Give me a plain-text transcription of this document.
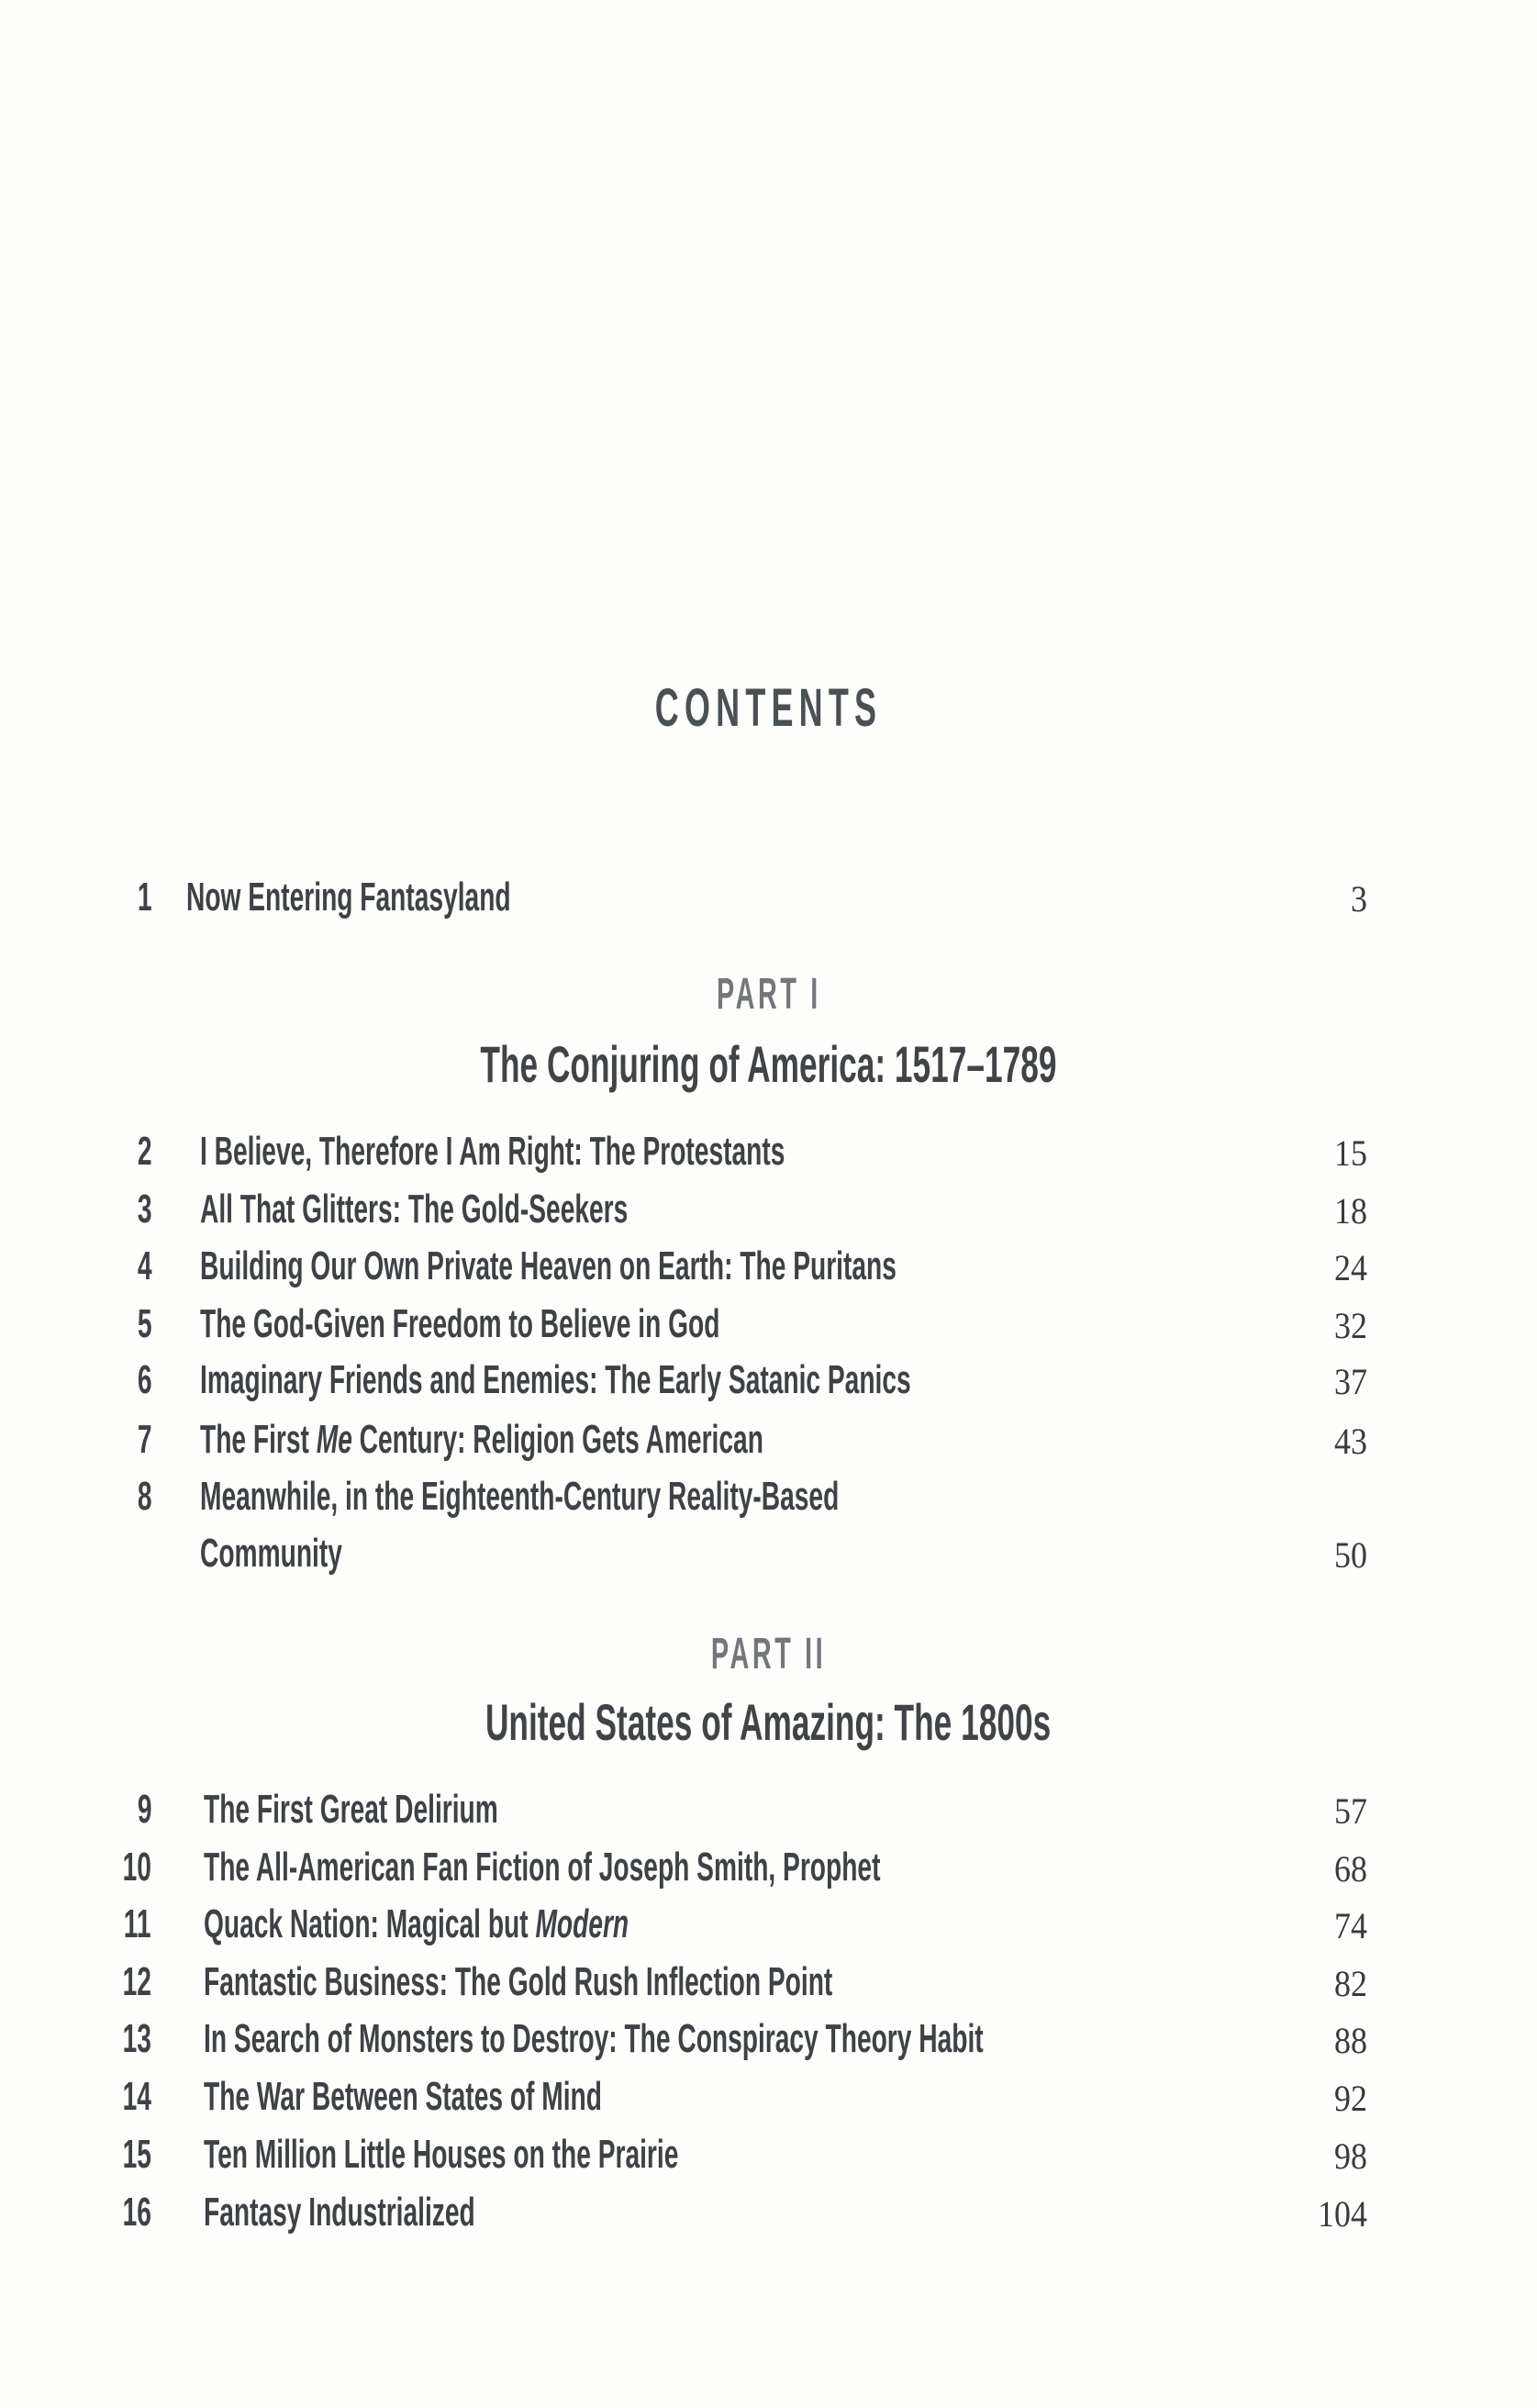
CONTENTS
1 Now Entering Fantasyland	3
PART I
The Conjuring of America: 1517–1789
2 I Believe, Therefore I Am Right: The Protestants	15
3 All That Glitters: The Gold-Seekers	18
4 Building Our Own Private Heaven on Earth: The Puritans	24
5 The God-Given Freedom to Believe in God	32
6 Imaginary Friends and Enemies: The Early Satanic Panics	37
7 The First Me Century: Religion Gets American	43
8 Meanwhile, in the Eighteenth-Century Reality-Based
Community	50
PART II
United States of Amazing: The 1800s
9 The First Great Delirium	57
10 The All-American Fan Fiction of Joseph Smith, Prophet	68
11 Quack Nation: Magical but Modern	74
12 Fantastic Business: The Gold Rush Inflection Point	82
13 In Search of Monsters to Destroy: The Conspiracy Theory Habit	88
14 The War Between States of Mind	92
15 Ten Million Little Houses on the Prairie	98
16 Fantasy Industrialized	104
